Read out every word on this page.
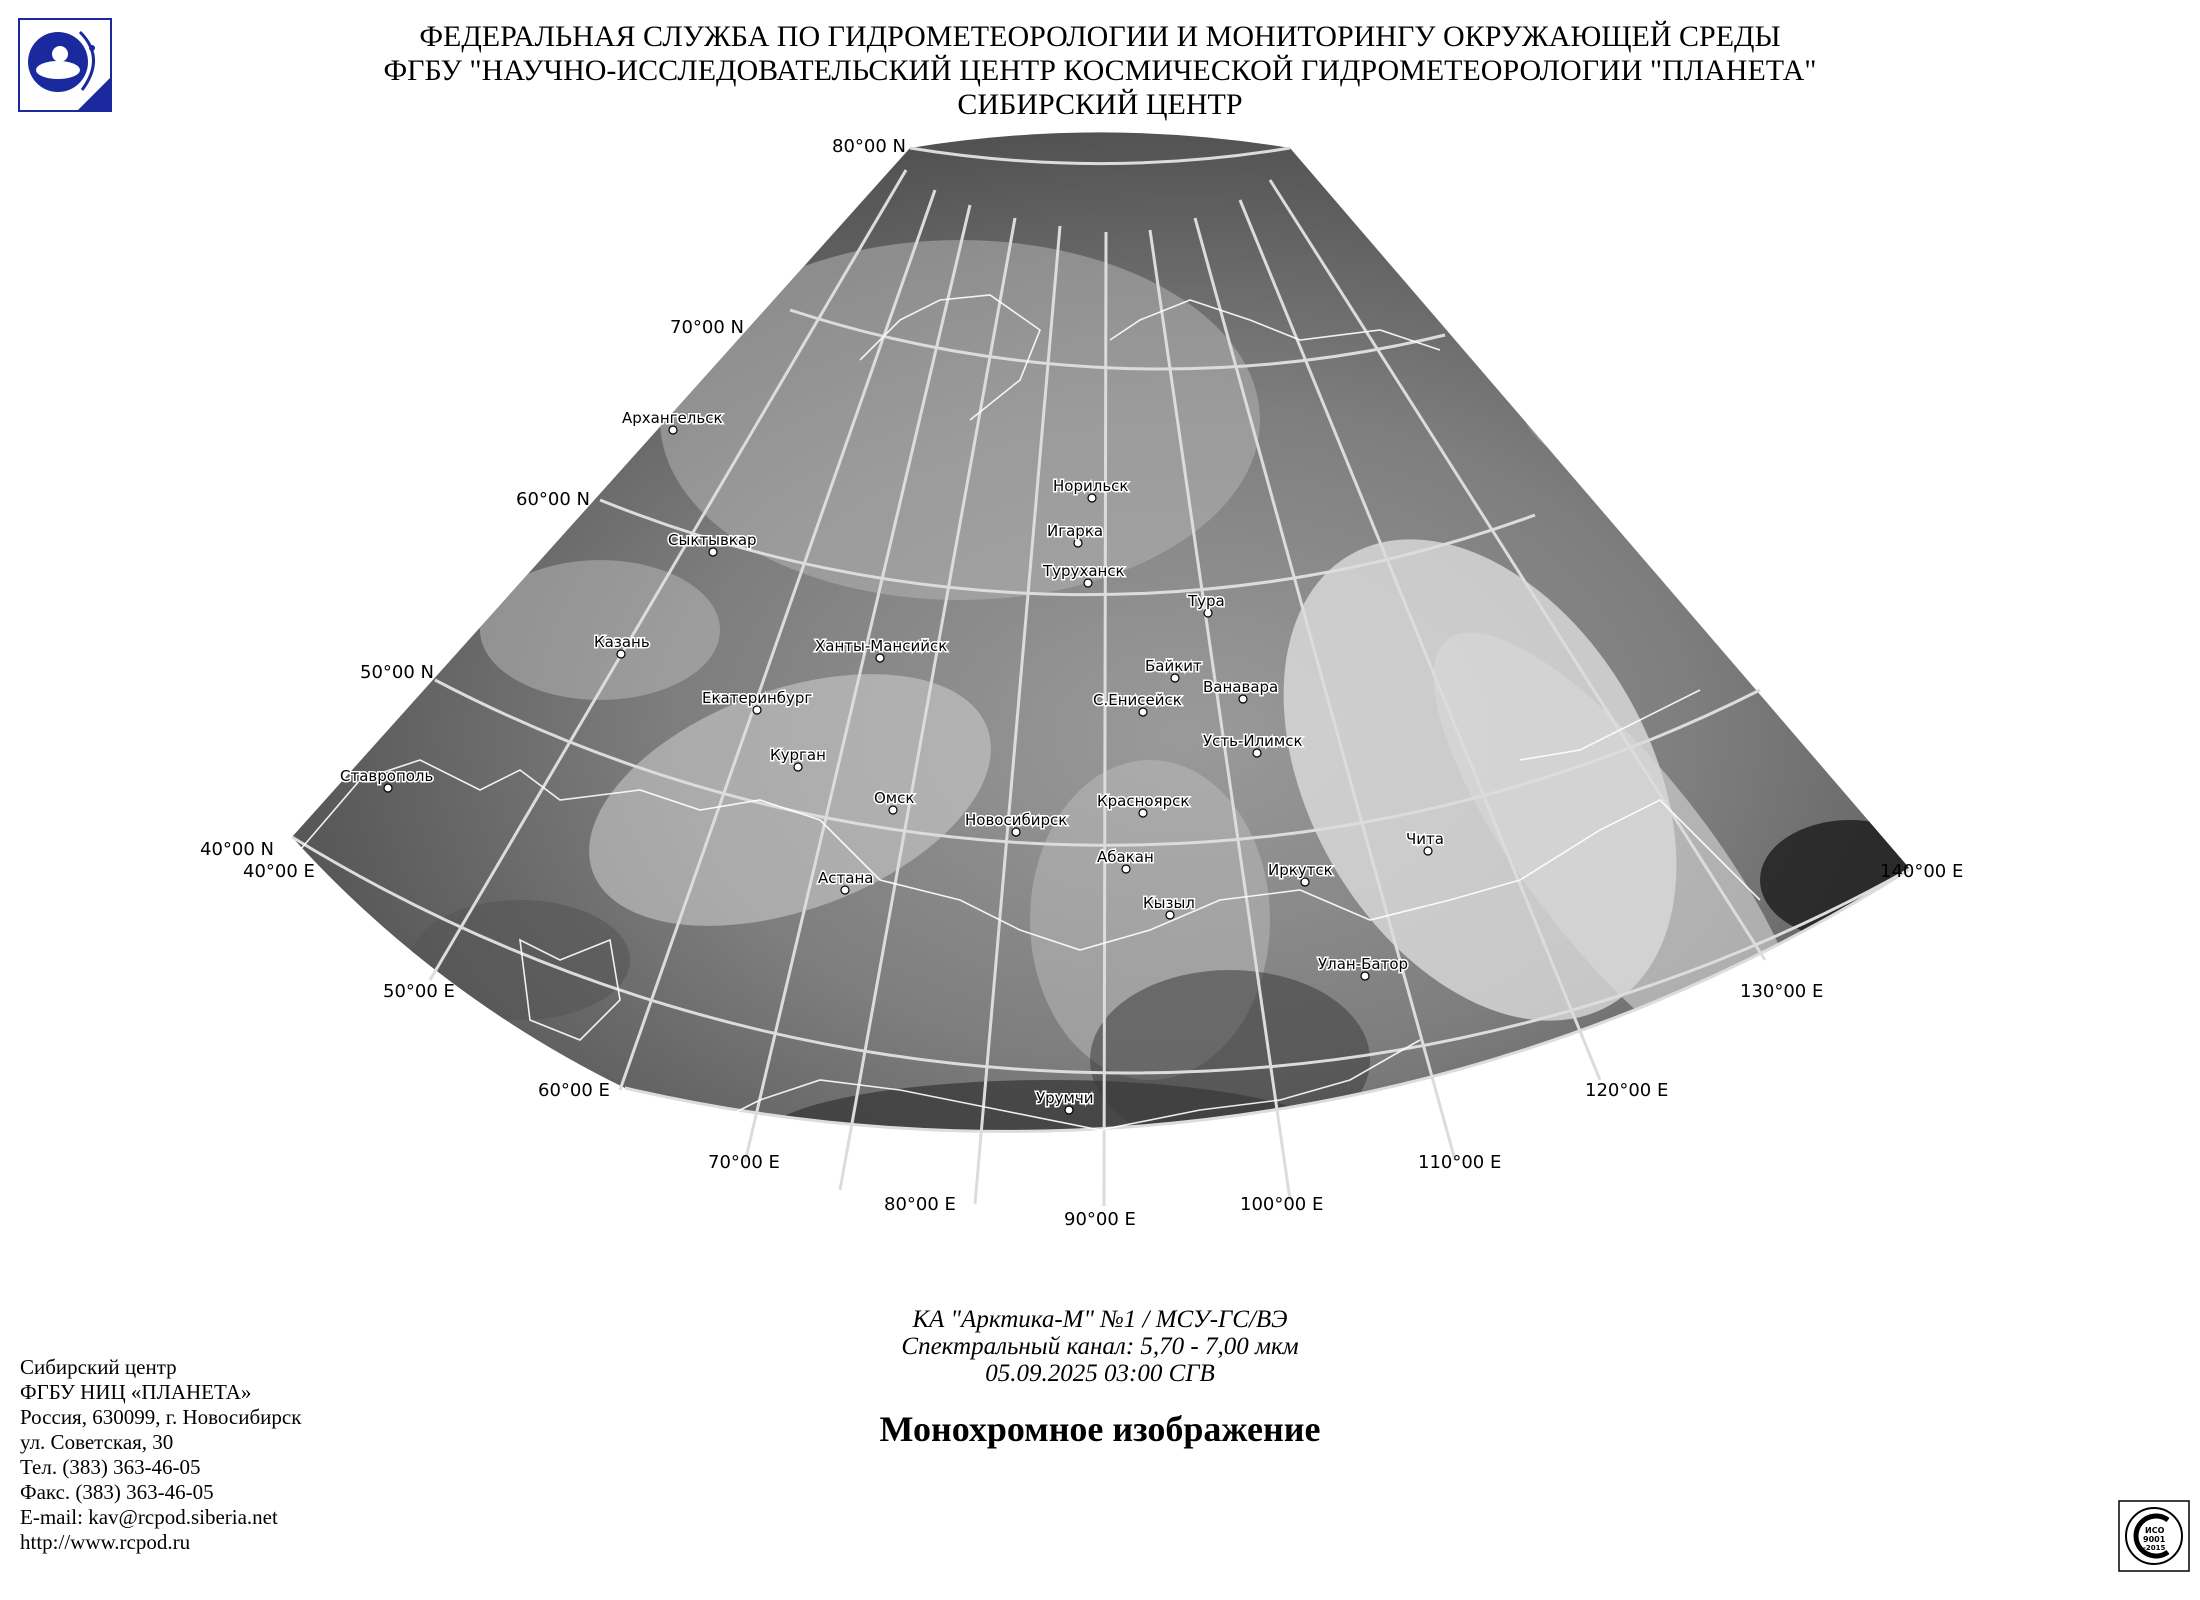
ФЕДЕРАЛЬНАЯ СЛУЖБА ПО ГИДРОМЕТЕОРОЛОГИИ И МОНИТОРИНГУ ОКРУЖАЮЩЕЙ СРЕДЫ
ФГБУ "НАУЧНО-ИССЛЕДОВАТЕЛЬСКИЙ ЦЕНТР КОСМИЧЕСКОЙ ГИДРОМЕТЕОРОЛОГИИ "ПЛАНЕТА"
СИБИРСКИЙ ЦЕНТР
80°00 N
70°00 N
60°00 N
50°00 N
40°00 N
40°00 E
50°00 E
60°00 E
70°00 E
80°00 E
90°00 E
100°00 E
110°00 E
120°00 E
130°00 E
140°00 E
Архангельск
Сыктывкар
Казань
Ставрополь
Екатеринбург
Курган
Ханты-Мансийск
Омск
Астана
Новосибирск
Красноярск
Абакан
Кызыл
Норильск
Игарка
Туруханск
Тура
Байкит
Ванавара
С.Енисейск
Усть-Илимск
Иркутск
Чита
Улан-Батор
Урумчи
КА "Арктика-М" №1 / МСУ-ГС/ВЭ
Спектральный канал: 5,70 - 7,00 мкм
05.09.2025 03:00 СГВ
Монохромное изображение
Сибирский центр
ФГБУ НИЦ «ПЛАНЕТА»
Россия, 630099, г. Новосибирск
ул. Советская, 30
Тел. (383) 363-46-05
Факс. (383) 363-46-05
E-mail: kav@rcpod.siberia.net
http://www.rcpod.ru	ИСО
9001
-2015
